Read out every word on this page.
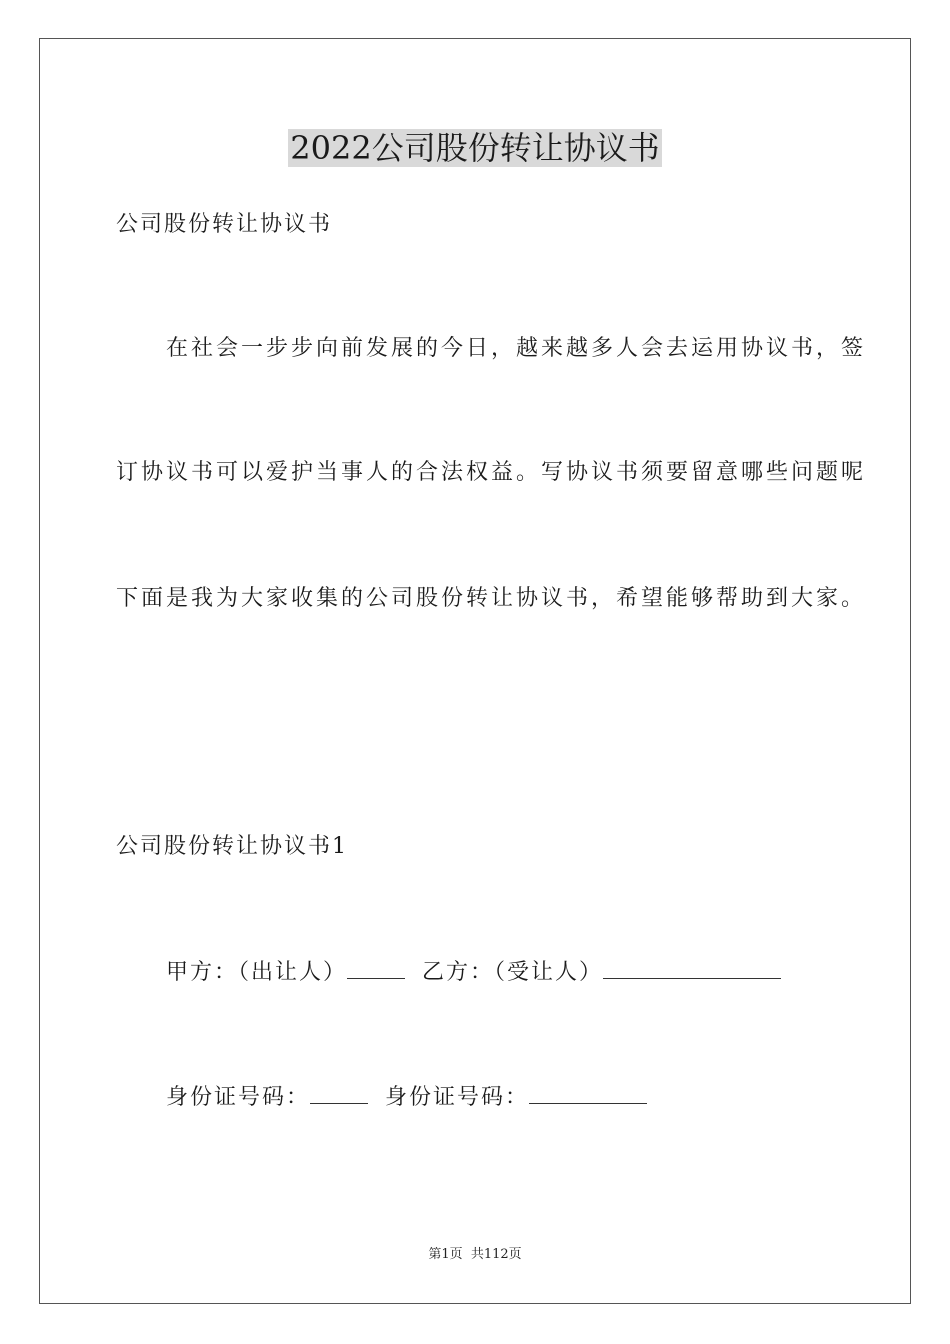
2022公司股份转让协议书
公司股份转让协议书
在社会一步步向前发展的今日，越来越多人会去运用协议书，签
订协议书可以爱护当事人的合法权益。写协议书须要留意哪些问题呢
下面是我为大家收集的公司股份转让协议书，希望能够帮助到大家。
公司股份转让协议书1
甲方：（出让人）	乙方：（受让人）
身份证号码：	身份证号码：
第1页  共112页
